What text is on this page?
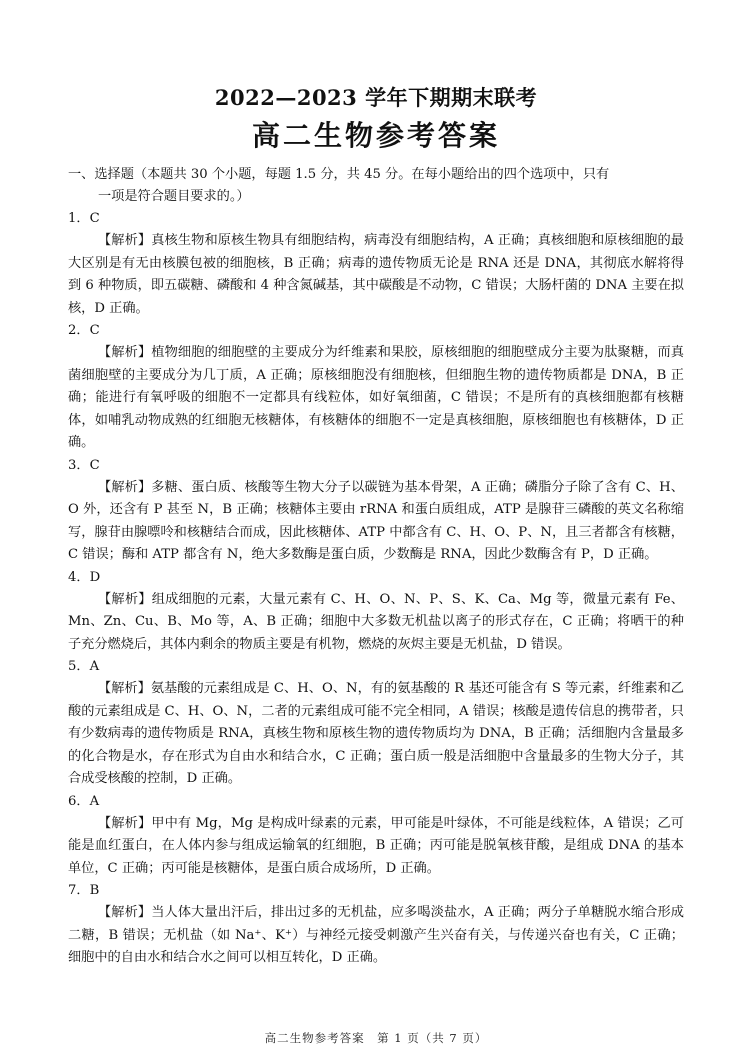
2022—2023 学年下期期末联考
高二生物参考答案

一、选择题（本题共 30 个小题，每题 1.5 分，共 45 分。在每小题给出的四个选项中，只有
一项是符合题目要求的。）

1．C

【解析】真核生物和原核生物具有细胞结构，病毒没有细胞结构，A 正确；真核细胞和原核细胞的最大区别是有无由核膜包被的细胞核，B 正确；病毒的遗传物质无论是 RNA 还是 DNA，其彻底水解将得到 6 种物质，即五碳糖、磷酸和 4 种含氮碱基，其中碳酸是不动物，C 错误；大肠杆菌的 DNA 主要在拟核，D 正确。

2．C

【解析】植物细胞的细胞壁的主要成分为纤维素和果胶，原核细胞的细胞壁成分主要为肽聚糖，而真菌细胞壁的主要成分为几丁质，A 正确；原核细胞没有细胞核，但细胞生物的遗传物质都是 DNA，B 正确；能进行有氧呼吸的细胞不一定都具有线粒体，如好氧细菌，C 错误；不是所有的真核细胞都有核糖体，如哺乳动物成熟的红细胞无核糖体，有核糖体的细胞不一定是真核细胞，原核细胞也有核糖体，D 正确。

3．C

【解析】多糖、蛋白质、核酸等生物大分子以碳链为基本骨架，A 正确；磷脂分子除了含有 C、H、O 外，还含有 P 甚至 N，B 正确；核糖体主要由 rRNA 和蛋白质组成，ATP 是腺苷三磷酸的英文名称缩写，腺苷由腺嘌呤和核糖结合而成，因此核糖体、ATP 中都含有 C、H、O、P、N，且三者都含有核糖，C 错误；酶和 ATP 都含有 N，绝大多数酶是蛋白质，少数酶是 RNA，因此少数酶含有 P，D 正确。

4．D

【解析】组成细胞的元素，大量元素有 C、H、O、N、P、S、K、Ca、Mg 等，微量元素有 Fe、Mn、Zn、Cu、B、Mo 等，A、B 正确；细胞中大多数无机盐以离子的形式存在，C 正确；将晒干的种子充分燃烧后，其体内剩余的物质主要是有机物，燃烧的灰烬主要是无机盐，D 错误。

5．A

【解析】氨基酸的元素组成是 C、H、O、N，有的氨基酸的 R 基还可能含有 S 等元素，纤维素和乙酸的元素组成是 C、H、O、N，二者的元素组成可能不完全相同，A 错误；核酸是遗传信息的携带者，只有少数病毒的遗传物质是 RNA，真核生物和原核生物的遗传物质均为 DNA，B 正确；活细胞内含量最多的化合物是水，存在形式为自由水和结合水，C 正确；蛋白质一般是活细胞中含量最多的生物大分子，其合成受核酸的控制，D 正确。

6．A

【解析】甲中有 Mg，Mg 是构成叶绿素的元素，甲可能是叶绿体，不可能是线粒体，A 错误；乙可能是血红蛋白，在人体内参与组成运输氧的红细胞，B 正确；丙可能是脱氧核苷酸，是组成 DNA 的基本单位，C 正确；丙可能是核糖体，是蛋白质合成场所，D 正确。

7．B

【解析】当人体大量出汗后，排出过多的无机盐，应多喝淡盐水，A 正确；两分子单糖脱水缩合形成二糖，B 错误；无机盐（如 Na⁺、K⁺）与神经元接受刺激产生兴奋有关，与传递兴奋也有关，C 正确；细胞中的自由水和结合水之间可以相互转化，D 正确。

高二生物参考答案　第 1 页（共 7 页）
